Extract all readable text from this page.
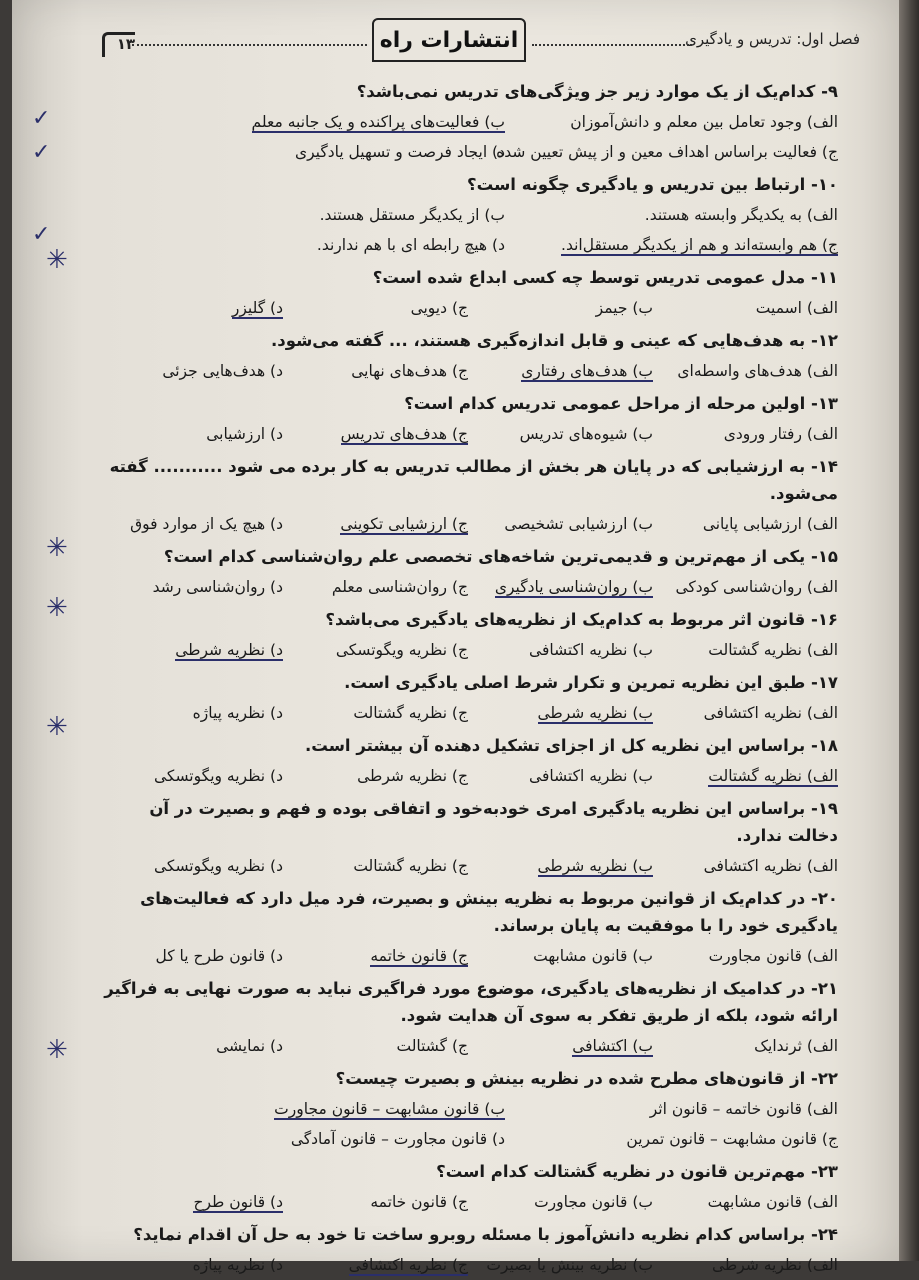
فصل اول: تدریس و یادگیری
انتشارات راه
۱۳
۹- کدام‌یک از یک موارد زیر جز ویژگی‌های تدریس نمی‌باشد؟
الف) وجود تعامل بین معلم و دانش‌آموزان
ب) فعالیت‌های پراکنده و یک جانبه معلم
ج) فعالیت براساس اهداف معین و از پیش تعیین شده
د) ایجاد فرصت و تسهیل یادگیری
۱۰- ارتباط بین تدریس و یادگیری چگونه است؟
الف) به یکدیگر وابسته هستند.
ب) از یکدیگر مستقل هستند.
ج) هم وابسته‌اند و هم از یکدیگر مستقل‌اند.
د) هیچ رابطه ای با هم ندارند.
۱۱- مدل عمومی تدریس توسط چه کسی ابداع شده است؟
الف) اسمیت
ب) جیمز
ج) دیویی
د) گلیزر
۱۲- به هدف‌هایی که عینی و قابل اندازه‌گیری هستند، ... گفته می‌شود.
الف) هدف‌های واسطه‌ای
ب) هدف‌های رفتاری
ج) هدف‌های نهایی
د) هدف‌هایی جزئی
۱۳- اولین مرحله از مراحل عمومی تدریس کدام است؟
الف) رفتار ورودی
ب) شیوه‌های تدریس
ج) هدف‌های تدریس
د) ارزشیابی
۱۴- به ارزشیابی که در پایان هر بخش از مطالب تدریس به کار برده می شود ........... گفته می‌شود.
الف) ارزشیابی پایانی
ب) ارزشیابی تشخیصی
ج) ارزشیابی تکوینی
د) هیچ یک از موارد فوق
۱۵- یکی از مهم‌ترین و قدیمی‌ترین شاخه‌های تخصصی علم روان‌شناسی کدام است؟
الف) روان‌شناسی کودکی
ب) روان‌شناسی یادگیری
ج) روان‌شناسی معلم
د) روان‌شناسی رشد
۱۶- قانون اثر مربوط به کدام‌یک از نظریه‌های یادگیری می‌باشد؟
الف) نظریه گشتالت
ب) نظریه اکتشافی
ج) نظریه ویگوتسکی
د) نظریه شرطی
۱۷- طبق این نظریه تمرین و تکرار شرط اصلی یادگیری است.
الف) نظریه اکتشافی
ب) نظریه شرطی
ج) نظریه گشتالت
د) نظریه پیاژه
۱۸- براساس این نظریه کل از اجزای تشکیل دهنده آن بیشتر است.
الف) نظریه گشتالت
ب) نظریه اکتشافی
ج) نظریه شرطی
د) نظریه ویگوتسکی
۱۹- براساس این نظریه یادگیری امری خودبه‌خود و اتفاقی بوده و فهم و بصیرت در آن دخالت ندارد.
الف) نظریه اکتشافی
ب) نظریه شرطی
ج) نظریه گشتالت
د) نظریه ویگوتسکی
۲۰- در کدام‌یک از قوانین مربوط به نظریه بینش و بصیرت، فرد میل دارد که فعالیت‌های یادگیری خود را با موفقیت به پایان برساند.
الف) قانون مجاورت
ب) قانون مشابهت
ج) قانون خاتمه
د) قانون طرح یا کل
۲۱- در کدامیک از نظریه‌های یادگیری، موضوع مورد فراگیری نباید به صورت نهایی به فراگیر ارائه شود، بلکه از طریق تفکر به سوی آن هدایت شود.
الف) ثرندایک
ب) اکتشافی
ج) گشتالت
د) نمایشی
۲۲- از قانون‌های مطرح شده در نظریه بینش و بصیرت چیست؟
الف) قانون خاتمه – قانون اثر
ب) قانون مشابهت – قانون مجاورت
ج) قانون مشابهت – قانون تمرین
د) قانون مجاورت – قانون آمادگی
۲۳- مهم‌ترین قانون در نظریه گشتالت کدام است؟
الف) قانون مشابهت
ب) قانون مجاورت
ج) قانون خاتمه
د) قانون طرح
۲۴- براساس کدام نظریه دانش‌آموز با مسئله روبرو ساخت تا خود به حل آن اقدام نماید؟
الف) نظریه شرطی
ب) نظریه بینش یا بصیرت
ج) نظریه اکتشافی
د) نظریه پیاژه
✓
✓
✓
✳
✳
✳
✳
✳
